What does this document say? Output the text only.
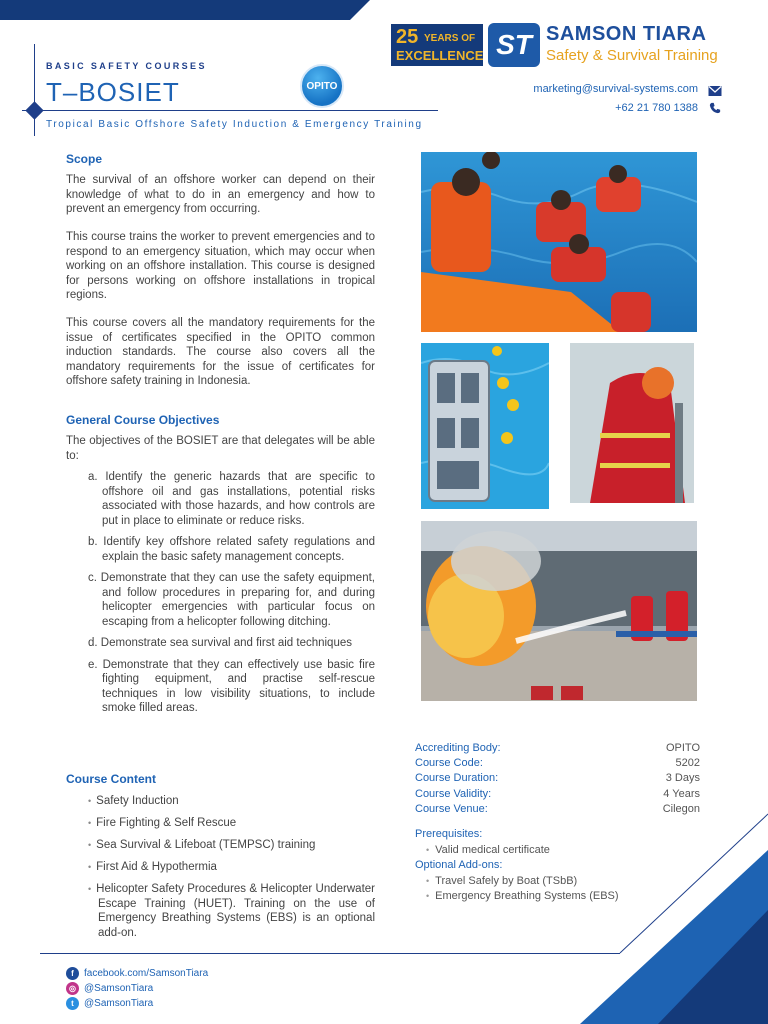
BASIC SAFETY COURSES
T–BOSIET
Tropical Basic Offshore Safety Induction & Emergency Training
OPITO
25 YEARS OF
EXCELLENCE ST SAMSON TIARA
Safety & Survival Training
marketing@survival-systems.com
+62 21 780 1388
Scope
The survival of an offshore worker can depend on their knowledge of what to do in an emergency and how to prevent an emergency from occurring.
This course trains the worker to prevent emergencies and to respond to an emergency situation, which may occur when working on an offshore installation. This course is designed for persons working on offshore installations in tropical regions.
This course covers all the mandatory requirements for the issue of certificates specified in the OPITO common induction standards. The course also covers all the mandatory requirements for the issue of certificates for offshore safety training in Indonesia.
General Course Objectives
The objectives of the BOSIET are that delegates will be able to:
a. Identify the generic hazards that are specific to offshore oil and gas installations, potential risks associated with those hazards, and how controls are put in place to eliminate or reduce risks.
b. Identify key offshore related safety regulations and explain the basic safety management concepts.
c. Demonstrate that they can use the safety equipment, and follow procedures in preparing for, and during helicopter emergencies with particular focus on escaping from a helicopter following ditching.
d. Demonstrate sea survival and first aid techniques
e. Demonstrate that they can effectively use basic fire fighting equipment, and practise self-rescue techniques in low visibility situations, to include smoke filled areas.
Course Content
• Safety Induction
• Fire Fighting & Self Rescue
• Sea Survival & Lifeboat (TEMPSC) training
• First Aid & Hypothermia
• Helicopter Safety Procedures & Helicopter Underwater Escape Training (HUET). Training on the use of Emergency Breathing Systems (EBS) is an optional add-on.
Accrediting Body:	OPITO
Course Code:	5202
Course Duration:	3 Days
Course Validity:	4 Years
Course Venue:	Cilegon
Prerequisites:
• Valid medical certificate
Optional Add-ons:
• Travel Safely by Boat (TSbB)
• Emergency Breathing Systems (EBS)
f	facebook.com/SamsonTiara
◎ @SamsonTiara
t	@SamsonTiara
